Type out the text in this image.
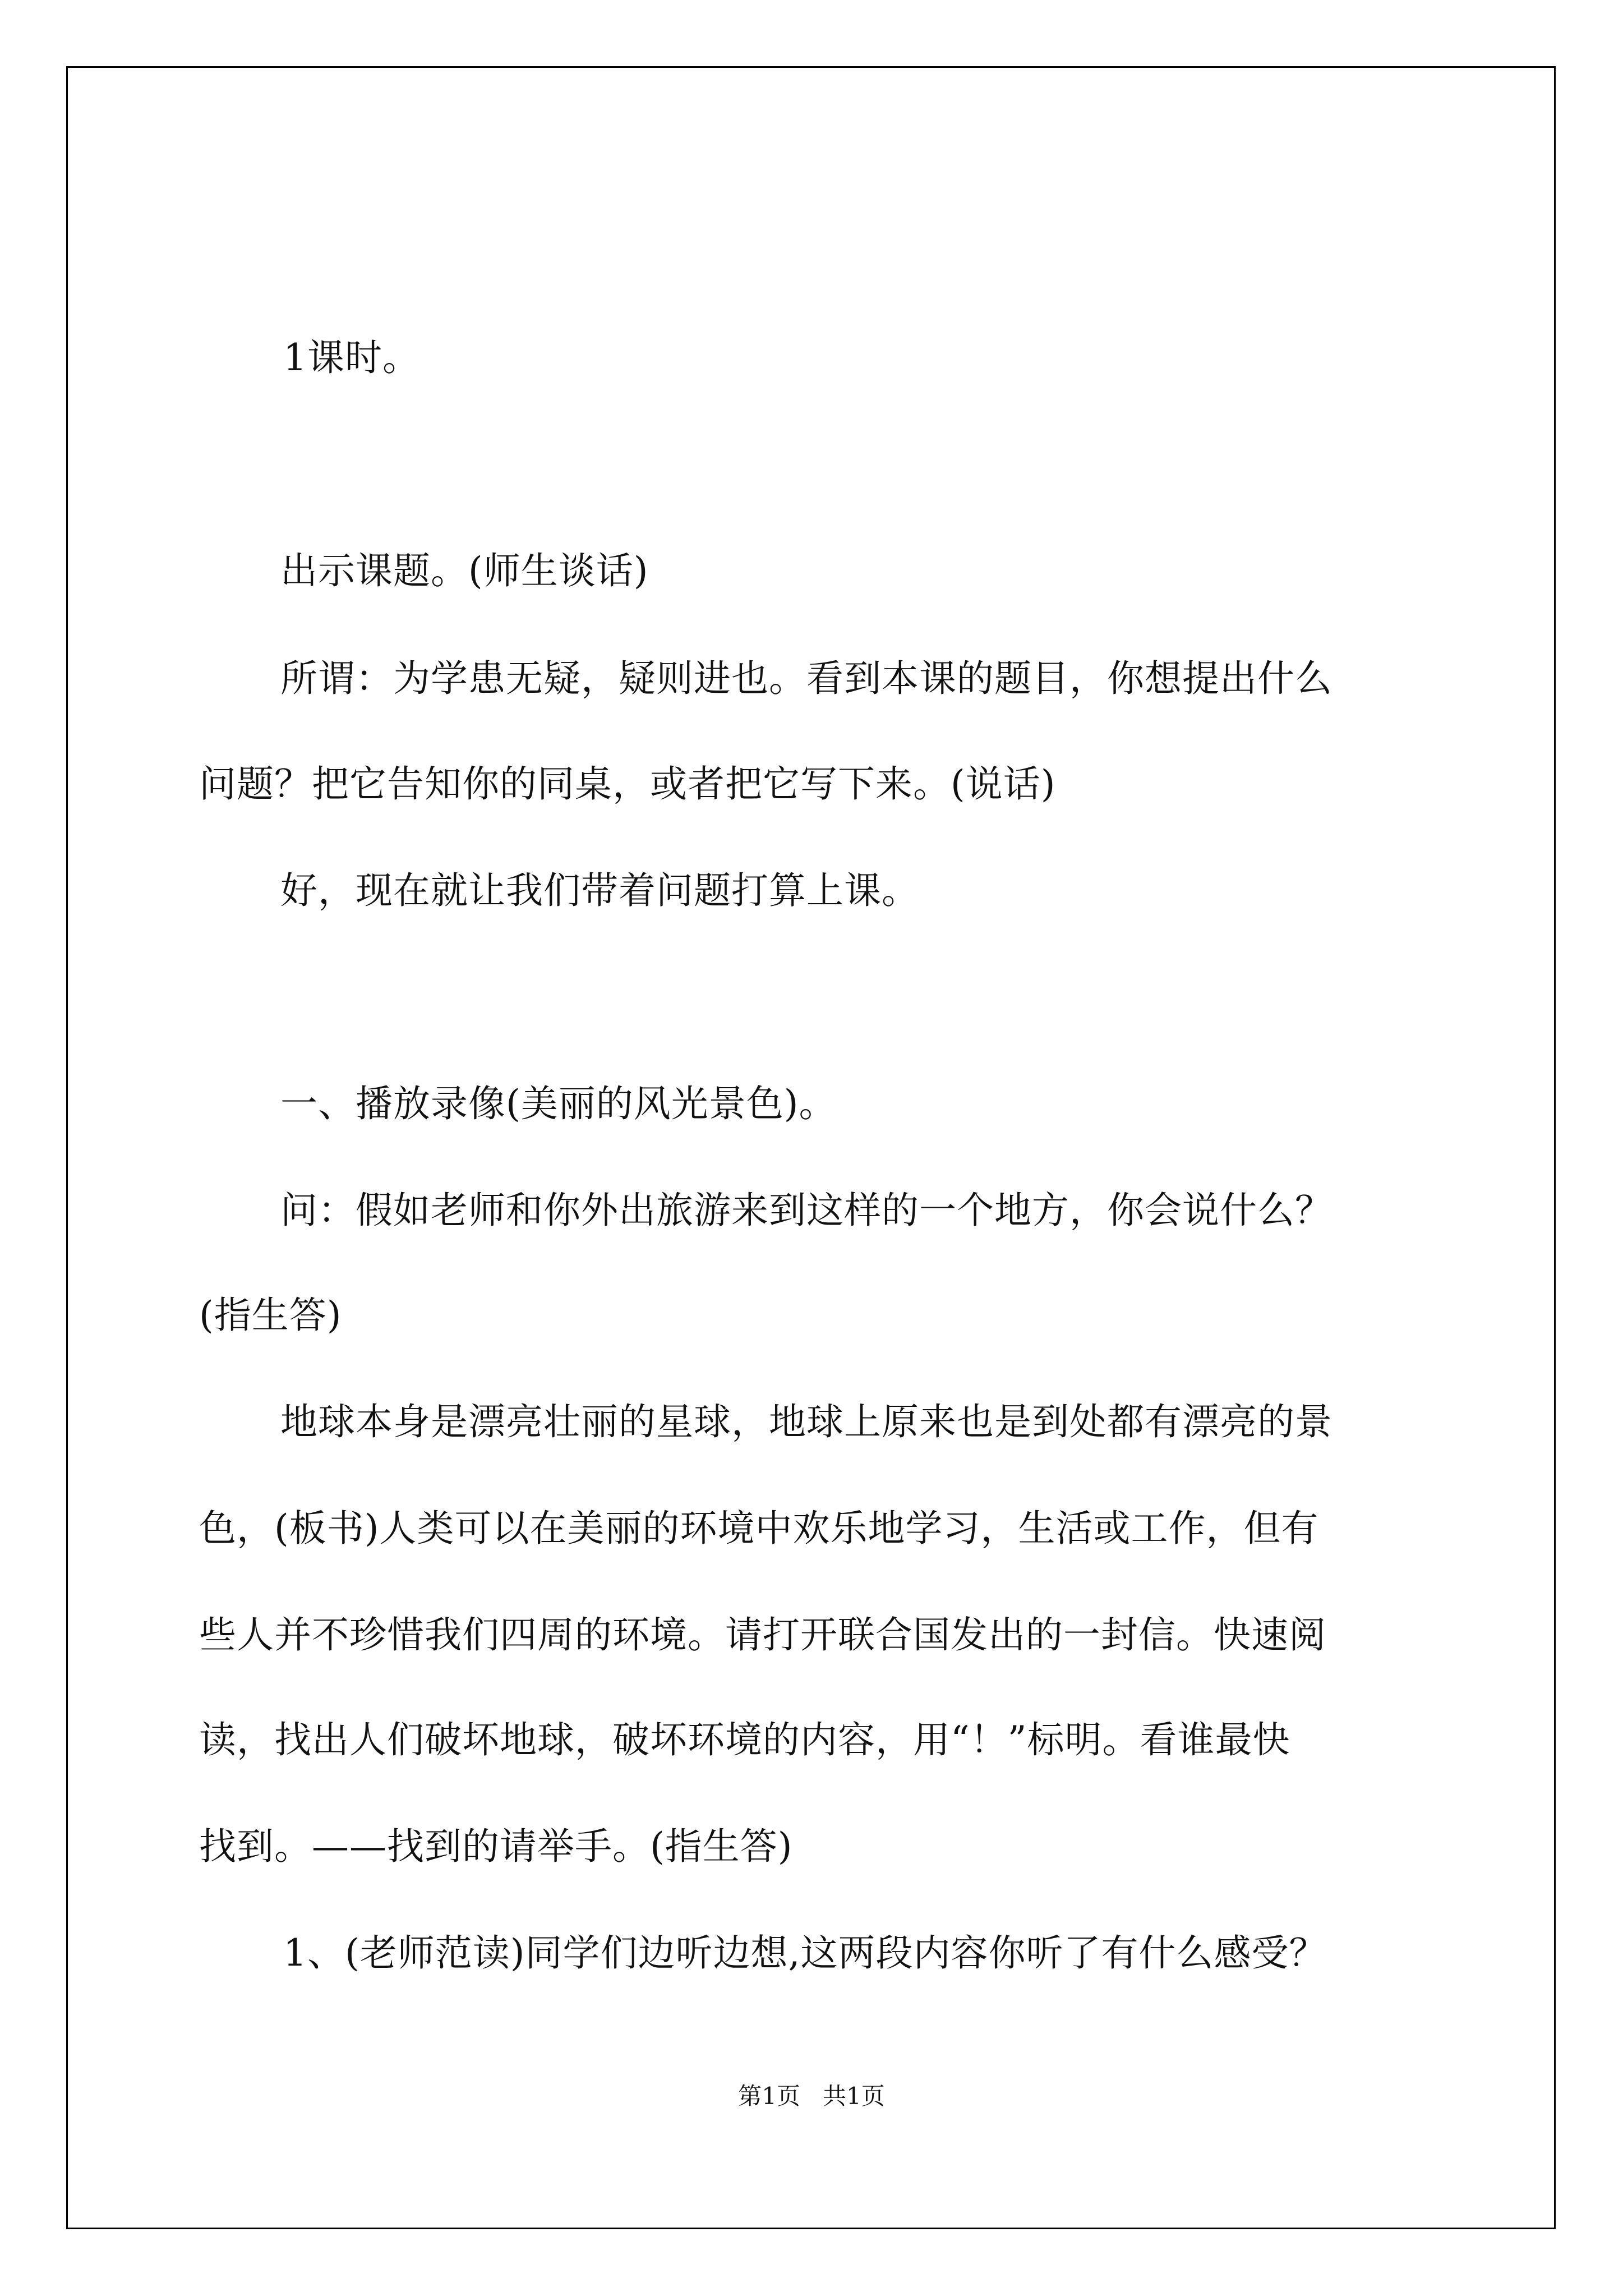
1课时。
出示课题。(师生谈话)
所谓：为学患无疑，疑则进也。看到本课的题目，你想提出什么
问题？把它告知你的同桌，或者把它写下来。(说话)
好，现在就让我们带着问题打算上课。
一、播放录像(美丽的风光景色)。
问：假如老师和你外出旅游来到这样的一个地方，你会说什么？
(指生答)
地球本身是漂亮壮丽的星球，地球上原来也是到处都有漂亮的景
色，(板书)人类可以在美丽的环境中欢乐地学习，生活或工作，但有
些人并不珍惜我们四周的环境。请打开联合国发出的一封信。快速阅
读，找出人们破坏地球，破坏环境的内容，用“！”标明。看谁最快
找到。——找到的请举手。(指生答)
1、(老师范读)同学们边听边想,这两段内容你听了有什么感受？
第1页   共1页
